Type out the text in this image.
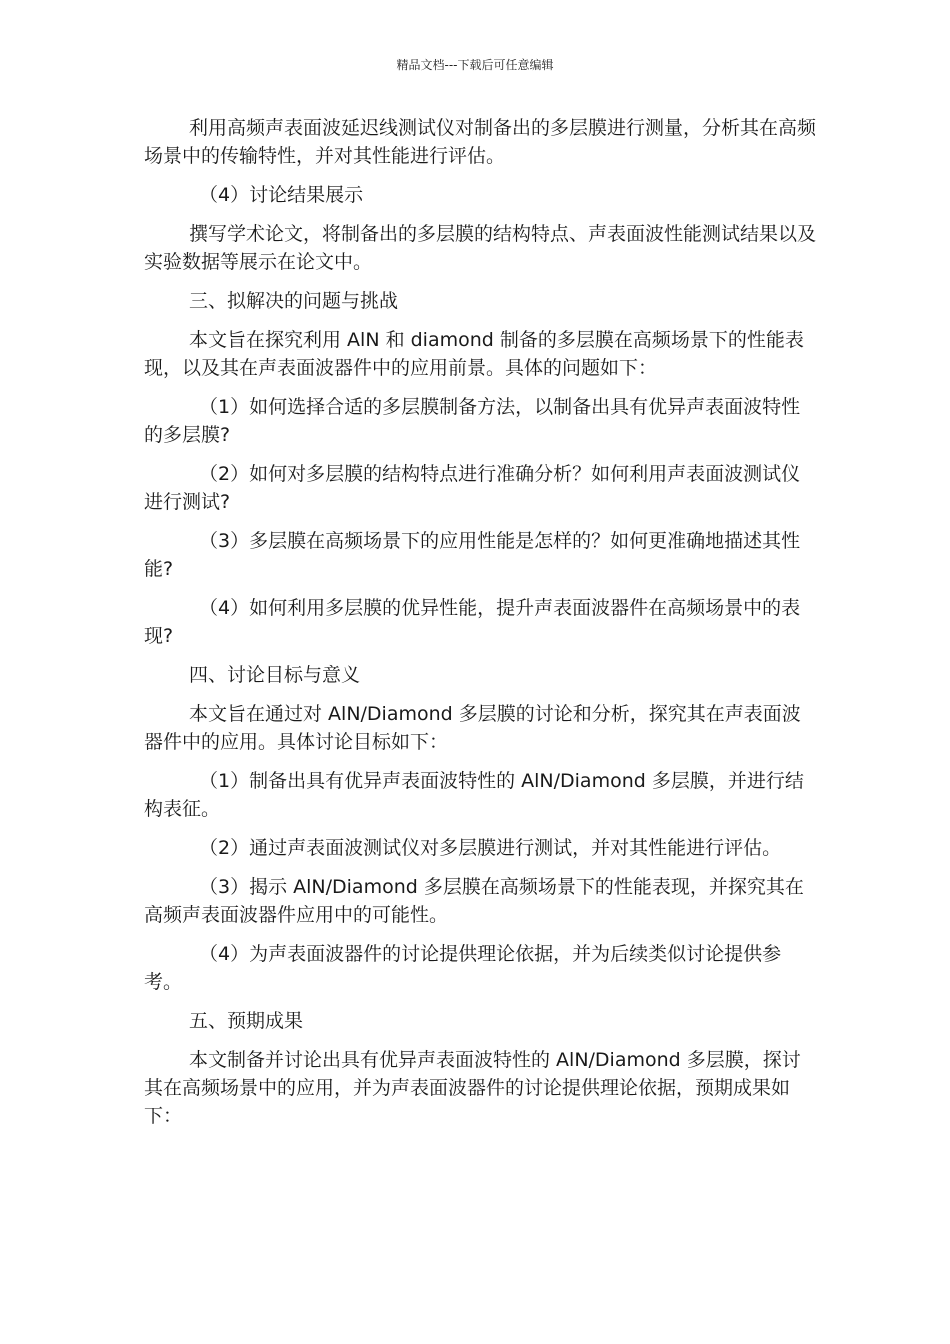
精品文档---下载后可任意编辑

利用高频声表面波延迟线测试仪对制备出的多层膜进行测量，分析其在高频场景中的传输特性，并对其性能进行评估。

（4）讨论结果展示

撰写学术论文，将制备出的多层膜的结构特点、声表面波性能测试结果以及实验数据等展示在论文中。

三、拟解决的问题与挑战

本文旨在探究利用 AlN 和 diamond 制备的多层膜在高频场景下的性能表现，以及其在声表面波器件中的应用前景。具体的问题如下：

（1）如何选择合适的多层膜制备方法，以制备出具有优异声表面波特性的多层膜?

（2）如何对多层膜的结构特点进行准确分析？如何利用声表面波测试仪进行测试?

（3）多层膜在高频场景下的应用性能是怎样的？如何更准确地描述其性能?

（4）如何利用多层膜的优异性能，提升声表面波器件在高频场景中的表现?

四、讨论目标与意义

本文旨在通过对 AlN/Diamond 多层膜的讨论和分析，探究其在声表面波器件中的应用。具体讨论目标如下：

（1）制备出具有优异声表面波特性的 AlN/Diamond 多层膜，并进行结构表征。

（2）通过声表面波测试仪对多层膜进行测试，并对其性能进行评估。

（3）揭示 AlN/Diamond 多层膜在高频场景下的性能表现，并探究其在高频声表面波器件应用中的可能性。

（4）为声表面波器件的讨论提供理论依据，并为后续类似讨论提供参考。

五、预期成果

本文制备并讨论出具有优异声表面波特性的 AlN/Diamond 多层膜，探讨其在高频场景中的应用，并为声表面波器件的讨论提供理论依据，预期成果如下：
